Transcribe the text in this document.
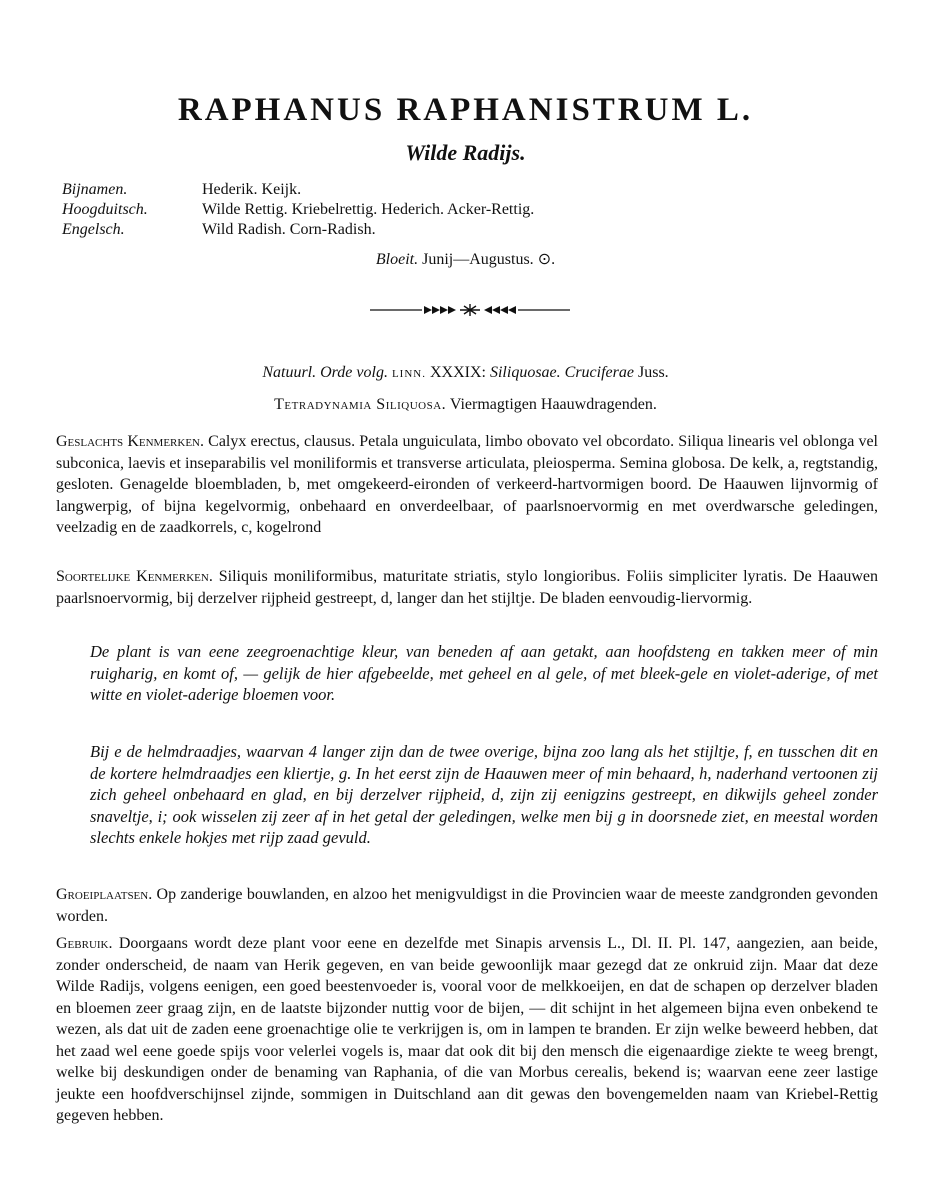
RAPHANUS RAPHANISTRUM L.
Wilde Radijs.
Bijnamen.	Hederik. Keijk.
Hoogduitsch.	Wilde Rettig. Kriebelrettig. Hederich. Acker-Rettig.
Engelsch.	Wild Radish. Corn-Radish.
Bloeit. Junij—Augustus. ⊙.
Natuurl. Orde volg. LINN. XXXIX: Siliquosae. Cruciferae Juss.
Tetradynamia Siliquosa. Viermagtigen Haauwdragenden.
Geslachts Kenmerken. Calyx erectus, clausus. Petala unguiculata, limbo obovato vel obcordato. Siliqua linearis vel oblonga vel subconica, laevis et inseparabilis vel moniliformis et transverse articulata, pleiosperma. Semina globosa. De kelk, a, regtstandig, gesloten. Genagelde bloembladen, b, met omgekeerd-eironden of verkeerd-hartvormigen boord. De Haauwen lijnvormig of langwerpig, of bijna kegelvormig, onbehaard en onverdeelbaar, of paarlsnoervormig en met overdwarsche geledingen, veelzadig en de zaadkorrels, c, kogelrond
Soortelijke Kenmerken. Siliquis moniliformibus, maturitate striatis, stylo longioribus. Foliis simpliciter lyratis. De Haauwen paarlsnoervormig, bij derzelver rijpheid gestreept, d, langer dan het stijltje. De bladen eenvoudig-liervormig.
De plant is van eene zeegroenachtige kleur, van beneden af aan getakt, aan hoofdsteng en takken meer of min ruigharig, en komt of, — gelijk de hier afgebeelde, met geheel en al gele, of met bleek-gele en violet-aderige, of met witte en violet-aderige bloemen voor.
Bij e de helmdraadjes, waarvan 4 langer zijn dan de twee overige, bijna zoo lang als het stijltje, f, en tusschen dit en de kortere helmdraadjes een kliertje, g. In het eerst zijn de Haauwen meer of min behaard, h, naderhand vertoonen zij zich geheel onbehaard en glad, en bij derzelver rijpheid, d, zijn zij eenigzins gestreept, en dikwijls geheel zonder snaveltje, i; ook wisselen zij zeer af in het getal der geledingen, welke men bij g in doorsnede ziet, en meestal worden slechts enkele hokjes met rijp zaad gevuld.
Groeiplaatsen. Op zanderige bouwlanden, en alzoo het menigvuldigst in die Provincien waar de meeste zandgronden gevonden worden.
Gebruik. Doorgaans wordt deze plant voor eene en dezelfde met Sinapis arvensis L., Dl. II. Pl. 147, aangezien, aan beide, zonder onderscheid, de naam van Herik gegeven, en van beide gewoonlijk maar gezegd dat ze onkruid zijn. Maar dat deze Wilde Radijs, volgens eenigen, een goed beestenvoeder is, vooral voor de melkkoeijen, en dat de schapen op derzelver bladen en bloemen zeer graag zijn, en de laatste bijzonder nuttig voor de bijen, — dit schijnt in het algemeen bijna even onbekend te wezen, als dat uit de zaden eene groenachtige olie te verkrijgen is, om in lampen te branden. Er zijn welke beweerd hebben, dat het zaad wel eene goede spijs voor velerlei vogels is, maar dat ook dit bij den mensch die eigenaardige ziekte te weeg brengt, welke bij deskundigen onder de benaming van Raphania, of die van Morbus cerealis, bekend is; waarvan eene zeer lastige jeukte een hoofdverschijnsel zijnde, sommigen in Duitschland aan dit gewas den bovengemelden naam van Kriebel-Rettig gegeven hebben.
